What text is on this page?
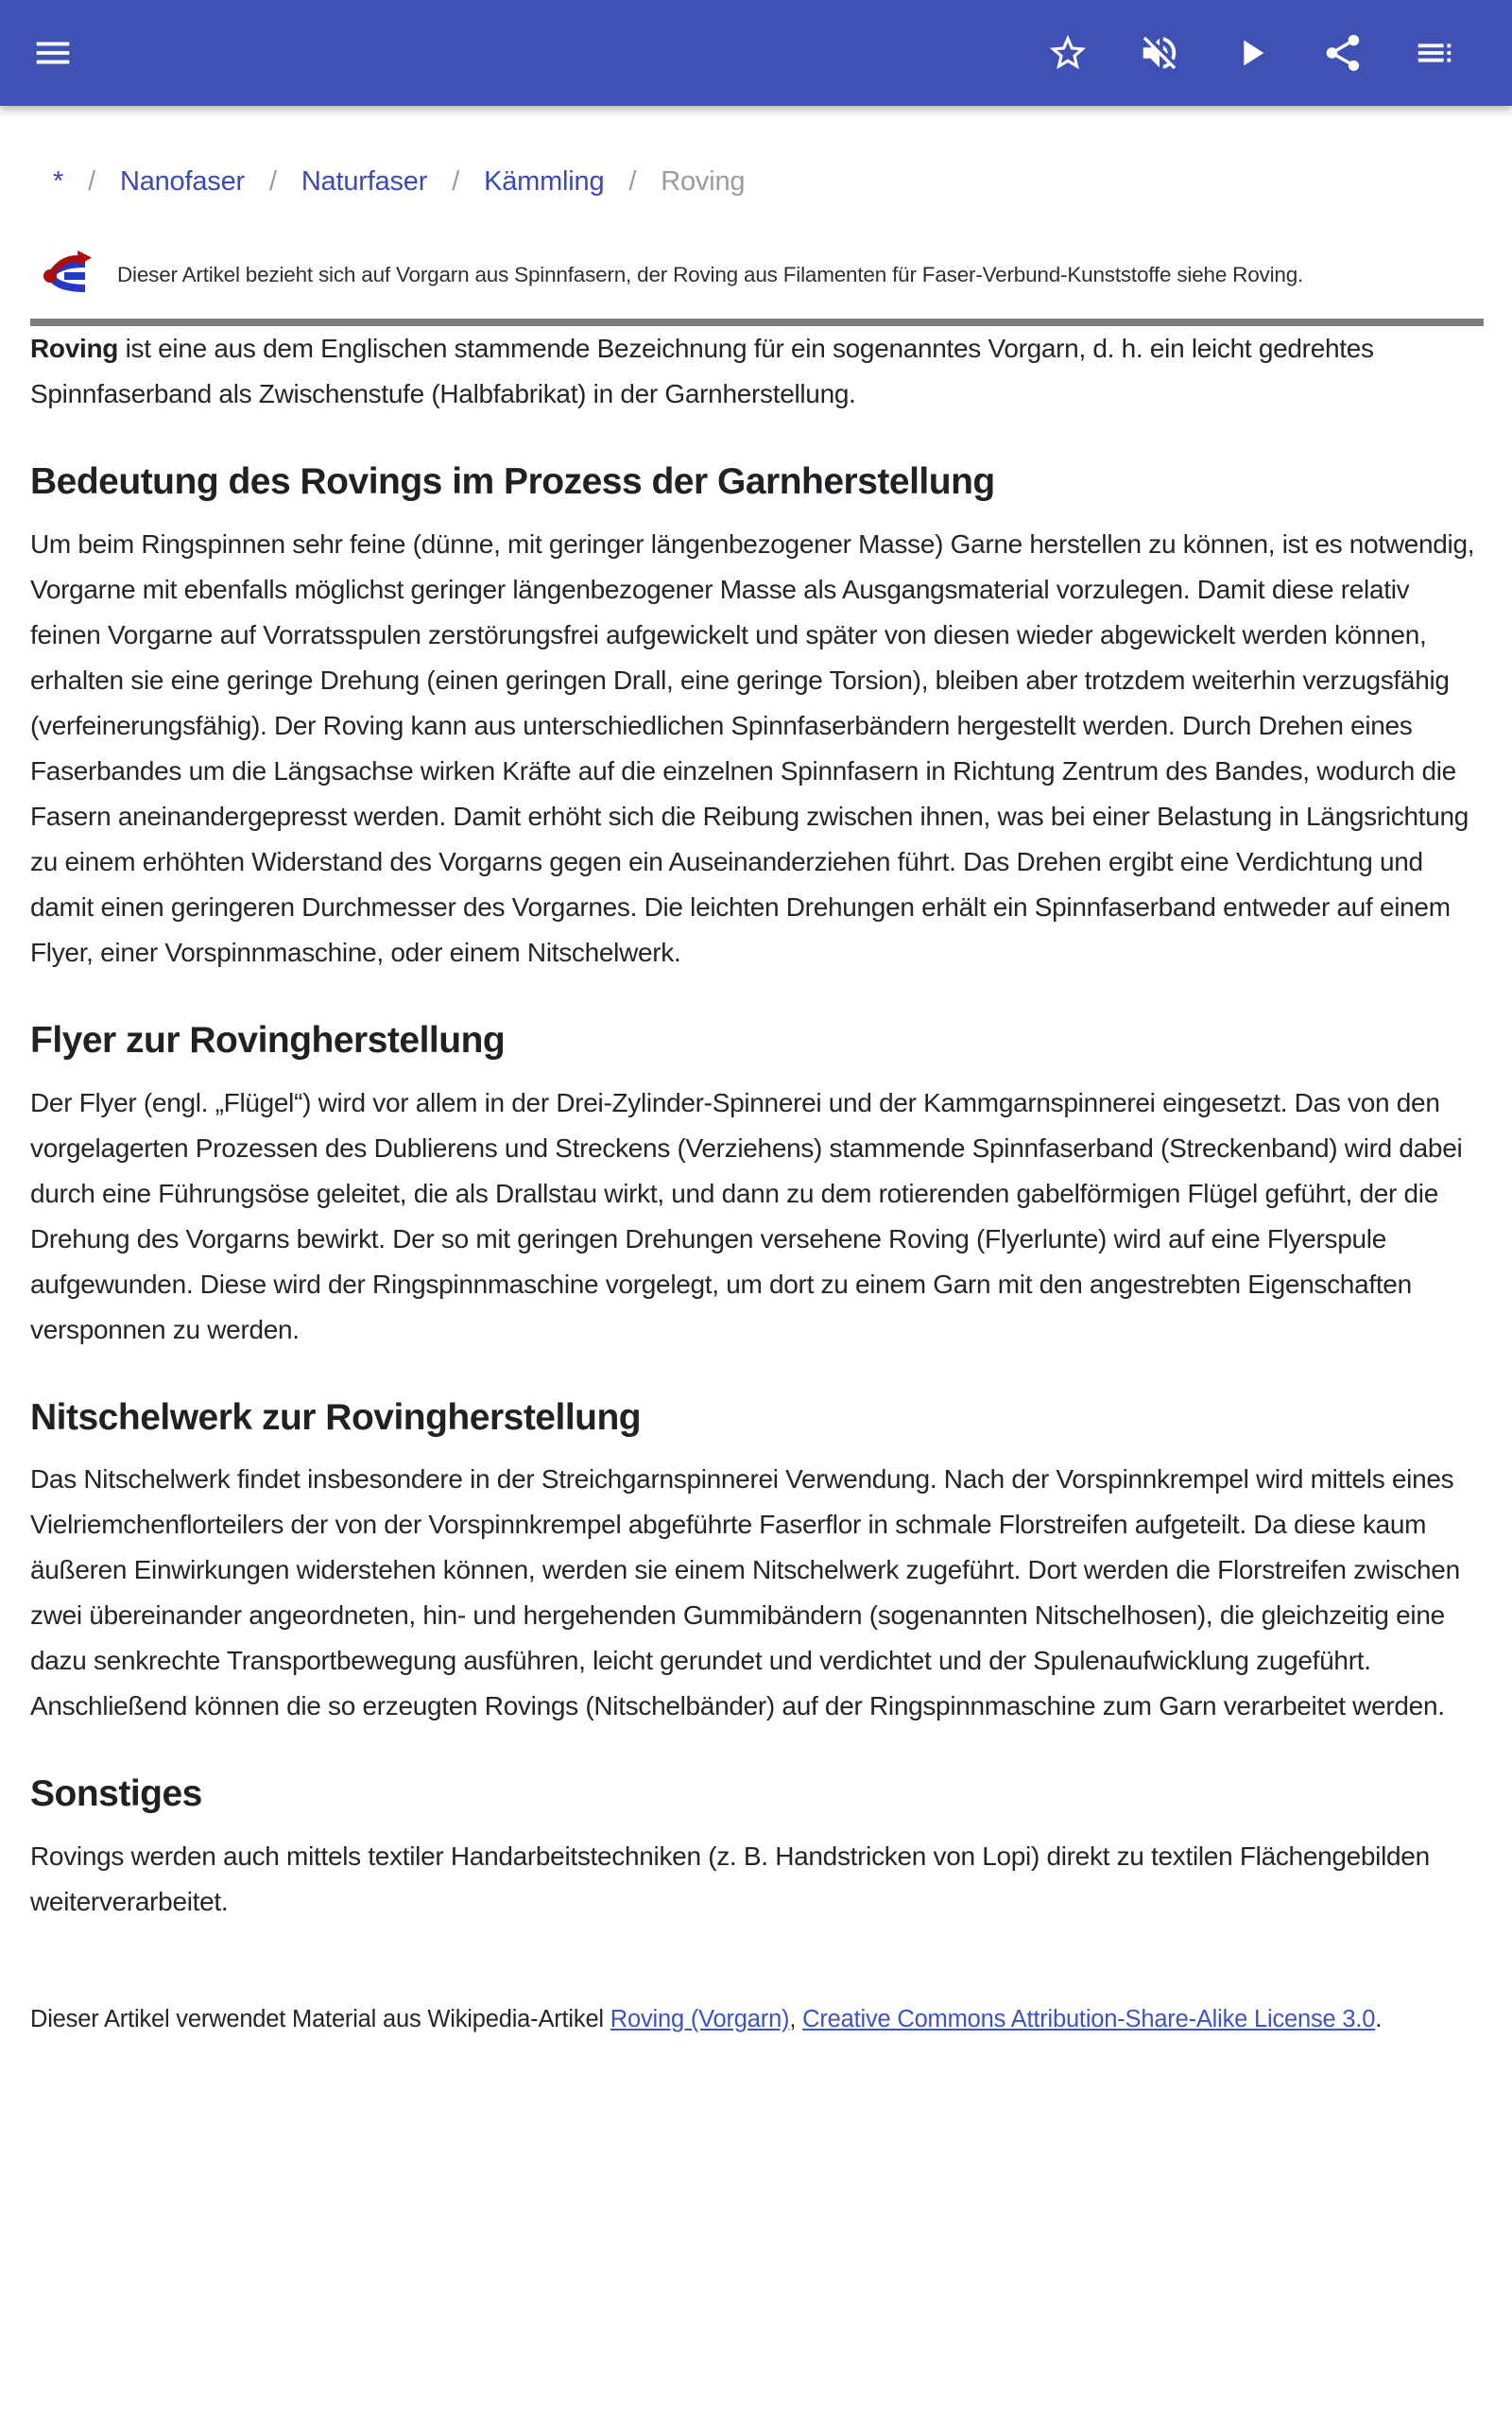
* / Nanofaser / Naturfaser / Kämmling / Roving
Dieser Artikel bezieht sich auf Vorgarn aus Spinnfasern, der Roving aus Filamenten für Faser-Verbund-Kunststoffe siehe Roving.

Roving ist eine aus dem Englischen stammende Bezeichnung für ein sogenanntes Vorgarn, d. h. ein leicht gedrehtes Spinnfaserband als Zwischenstufe (Halbfabrikat) in der Garnherstellung.

Bedeutung des Rovings im Prozess der Garnherstellung

Um beim Ringspinnen sehr feine (dünne, mit geringer längenbezogener Masse) Garne herstellen zu können, ist es notwendig, Vorgarne mit ebenfalls möglichst geringer längenbezogener Masse als Ausgangsmaterial vorzulegen. Damit diese relativ feinen Vorgarne auf Vorratsspulen zerstörungsfrei aufgewickelt und später von diesen wieder abgewickelt werden können, erhalten sie eine geringe Drehung (einen geringen Drall, eine geringe Torsion), bleiben aber trotzdem weiterhin verzugsfähig (verfeinerungsfähig). Der Roving kann aus unterschiedlichen Spinnfaserbändern hergestellt werden. Durch Drehen eines Faserbandes um die Längsachse wirken Kräfte auf die einzelnen Spinnfasern in Richtung Zentrum des Bandes, wodurch die Fasern aneinandergepresst werden. Damit erhöht sich die Reibung zwischen ihnen, was bei einer Belastung in Längsrichtung zu einem erhöhten Widerstand des Vorgarns gegen ein Auseinanderziehen führt. Das Drehen ergibt eine Verdichtung und damit einen geringeren Durchmesser des Vorgarnes. Die leichten Drehungen erhält ein Spinnfaserband entweder auf einem Flyer, einer Vorspinnmaschine, oder einem Nitschelwerk.

Flyer zur Rovingherstellung

Der Flyer (engl. „Flügel“) wird vor allem in der Drei-Zylinder-Spinnerei und der Kammgarnspinnerei eingesetzt. Das von den vorgelagerten Prozessen des Dublierens und Streckens (Verziehens) stammende Spinnfaserband (Streckenband) wird dabei durch eine Führungsöse geleitet, die als Drallstau wirkt, und dann zu dem rotierenden gabelförmigen Flügel geführt, der die Drehung des Vorgarns bewirkt. Der so mit geringen Drehungen versehene Roving (Flyerlunte) wird auf eine Flyerspule aufgewunden. Diese wird der Ringspinnmaschine vorgelegt, um dort zu einem Garn mit den angestrebten Eigenschaften versponnen zu werden.

Nitschelwerk zur Rovingherstellung

Das Nitschelwerk findet insbesondere in der Streichgarnspinnerei Verwendung. Nach der Vorspinnkrempel wird mittels eines Vielriemchenflorteilers der von der Vorspinnkrempel abgeführte Faserflor in schmale Florstreifen aufgeteilt. Da diese kaum äußeren Einwirkungen widerstehen können, werden sie einem Nitschelwerk zugeführt. Dort werden die Florstreifen zwischen zwei übereinander angeordneten, hin- und hergehenden Gummibändern (sogenannten Nitschelhosen), die gleichzeitig eine dazu senkrechte Transportbewegung ausführen, leicht gerundet und verdichtet und der Spulenaufwicklung zugeführt. Anschließend können die so erzeugten Rovings (Nitschelbänder) auf der Ringspinnmaschine zum Garn verarbeitet werden.

Sonstiges

Rovings werden auch mittels textiler Handarbeitstechniken (z. B. Handstricken von Lopi) direkt zu textilen Flächengebilden weiterverarbeitet.

Dieser Artikel verwendet Material aus Wikipedia-Artikel Roving (Vorgarn), Creative Commons Attribution-Share-Alike License 3.0.
